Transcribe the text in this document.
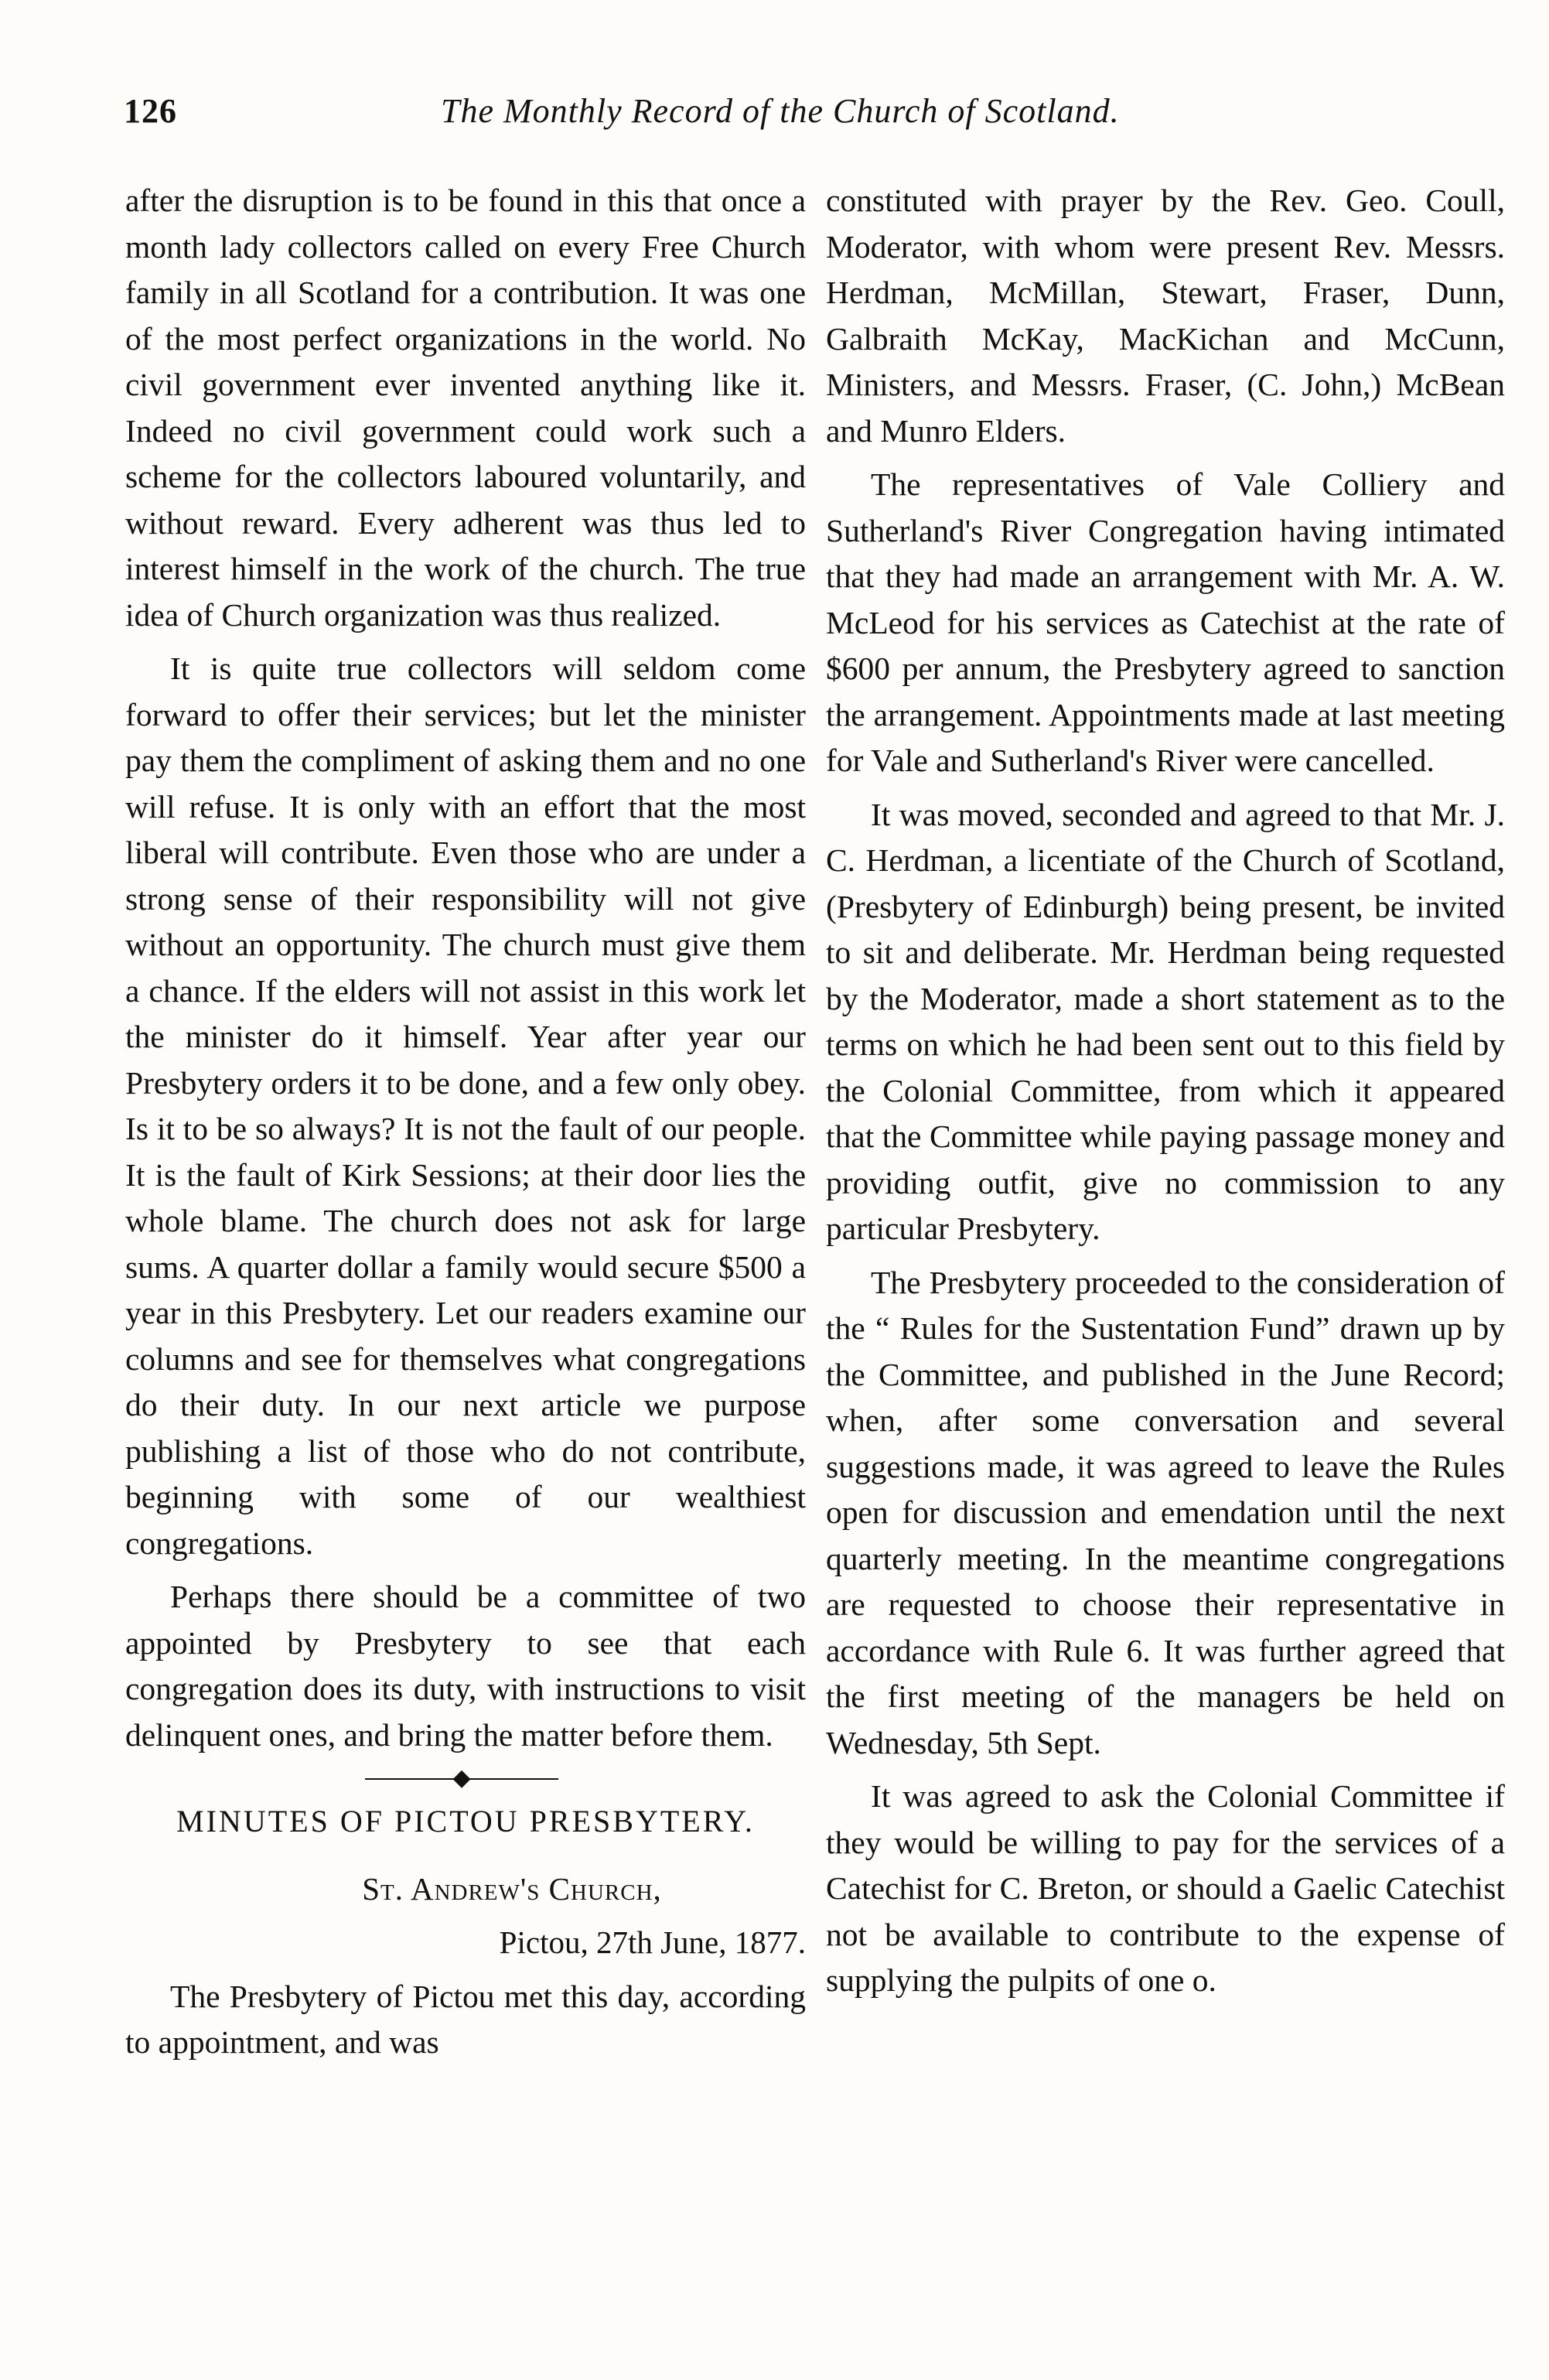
126	The Monthly Record of the Church of Scotland.

after the disruption is to be found in this that once a month lady collectors called on every Free Church family in all Scotland for a contribution. It was one of the most perfect organizations in the world. No civil government ever invented anything like it. Indeed no civil government could work such a scheme for the collectors laboured voluntarily, and without reward. Every adherent was thus led to interest himself in the work of the church. The true idea of Church organization was thus realized.

It is quite true collectors will seldom come forward to offer their services; but let the minister pay them the compliment of asking them and no one will refuse. It is only with an effort that the most liberal will contribute. Even those who are under a strong sense of their responsibility will not give without an opportunity. The church must give them a chance. If the elders will not assist in this work let the minister do it himself. Year after year our Presbytery orders it to be done, and a few only obey. Is it to be so always? It is not the fault of our people. It is the fault of Kirk Sessions; at their door lies the whole blame. The church does not ask for large sums. A quarter dollar a family would secure $500 a year in this Presbytery. Let our readers examine our columns and see for themselves what congregations do their duty. In our next article we purpose publishing a list of those who do not contribute, beginning with some of our wealthiest congregations.

Perhaps there should be a committee of two appointed by Presbytery to see that each congregation does its duty, with instructions to visit delinquent ones, and bring the matter before them.

◆
MINUTES OF PICTOU PRESBYTERY.

St. Andrew's Church,

Pictou, 27th June, 1877.

The Presbytery of Pictou met this day, according to appointment, and was

constituted with prayer by the Rev. Geo. Coull, Moderator, with whom were present Rev. Messrs. Herdman, McMillan, Stewart, Fraser, Dunn, Galbraith McKay, MacKichan and McCunn, Ministers, and Messrs. Fraser, (C. John,) McBean and Munro Elders.

The representatives of Vale Colliery and Sutherland's River Congregation having intimated that they had made an arrangement with Mr. A. W. McLeod for his services as Catechist at the rate of $600 per annum, the Presbytery agreed to sanction the arrangement. Appointments made at last meeting for Vale and Sutherland's River were cancelled.

It was moved, seconded and agreed to that Mr. J. C. Herdman, a licentiate of the Church of Scotland, (Presbytery of Edinburgh) being present, be invited to sit and deliberate. Mr. Herdman being requested by the Moderator, made a short statement as to the terms on which he had been sent out to this field by the Colonial Committee, from which it appeared that the Committee while paying passage money and providing outfit, give no commission to any particular Presbytery.

The Presbytery proceeded to the consideration of the “ Rules for the Sustentation Fund” drawn up by the Committee, and published in the June Record; when, after some conversation and several suggestions made, it was agreed to leave the Rules open for discussion and emendation until the next quarterly meeting. In the meantime congregations are requested to choose their representative in accordance with Rule 6. It was further agreed that the first meeting of the managers be held on Wednesday, 5th Sept.

It was agreed to ask the Colonial Committee if they would be willing to pay for the services of a Catechist for C. Breton, or should a Gaelic Catechist not be available to contribute to the expense of supplying the pulpits of one o.
